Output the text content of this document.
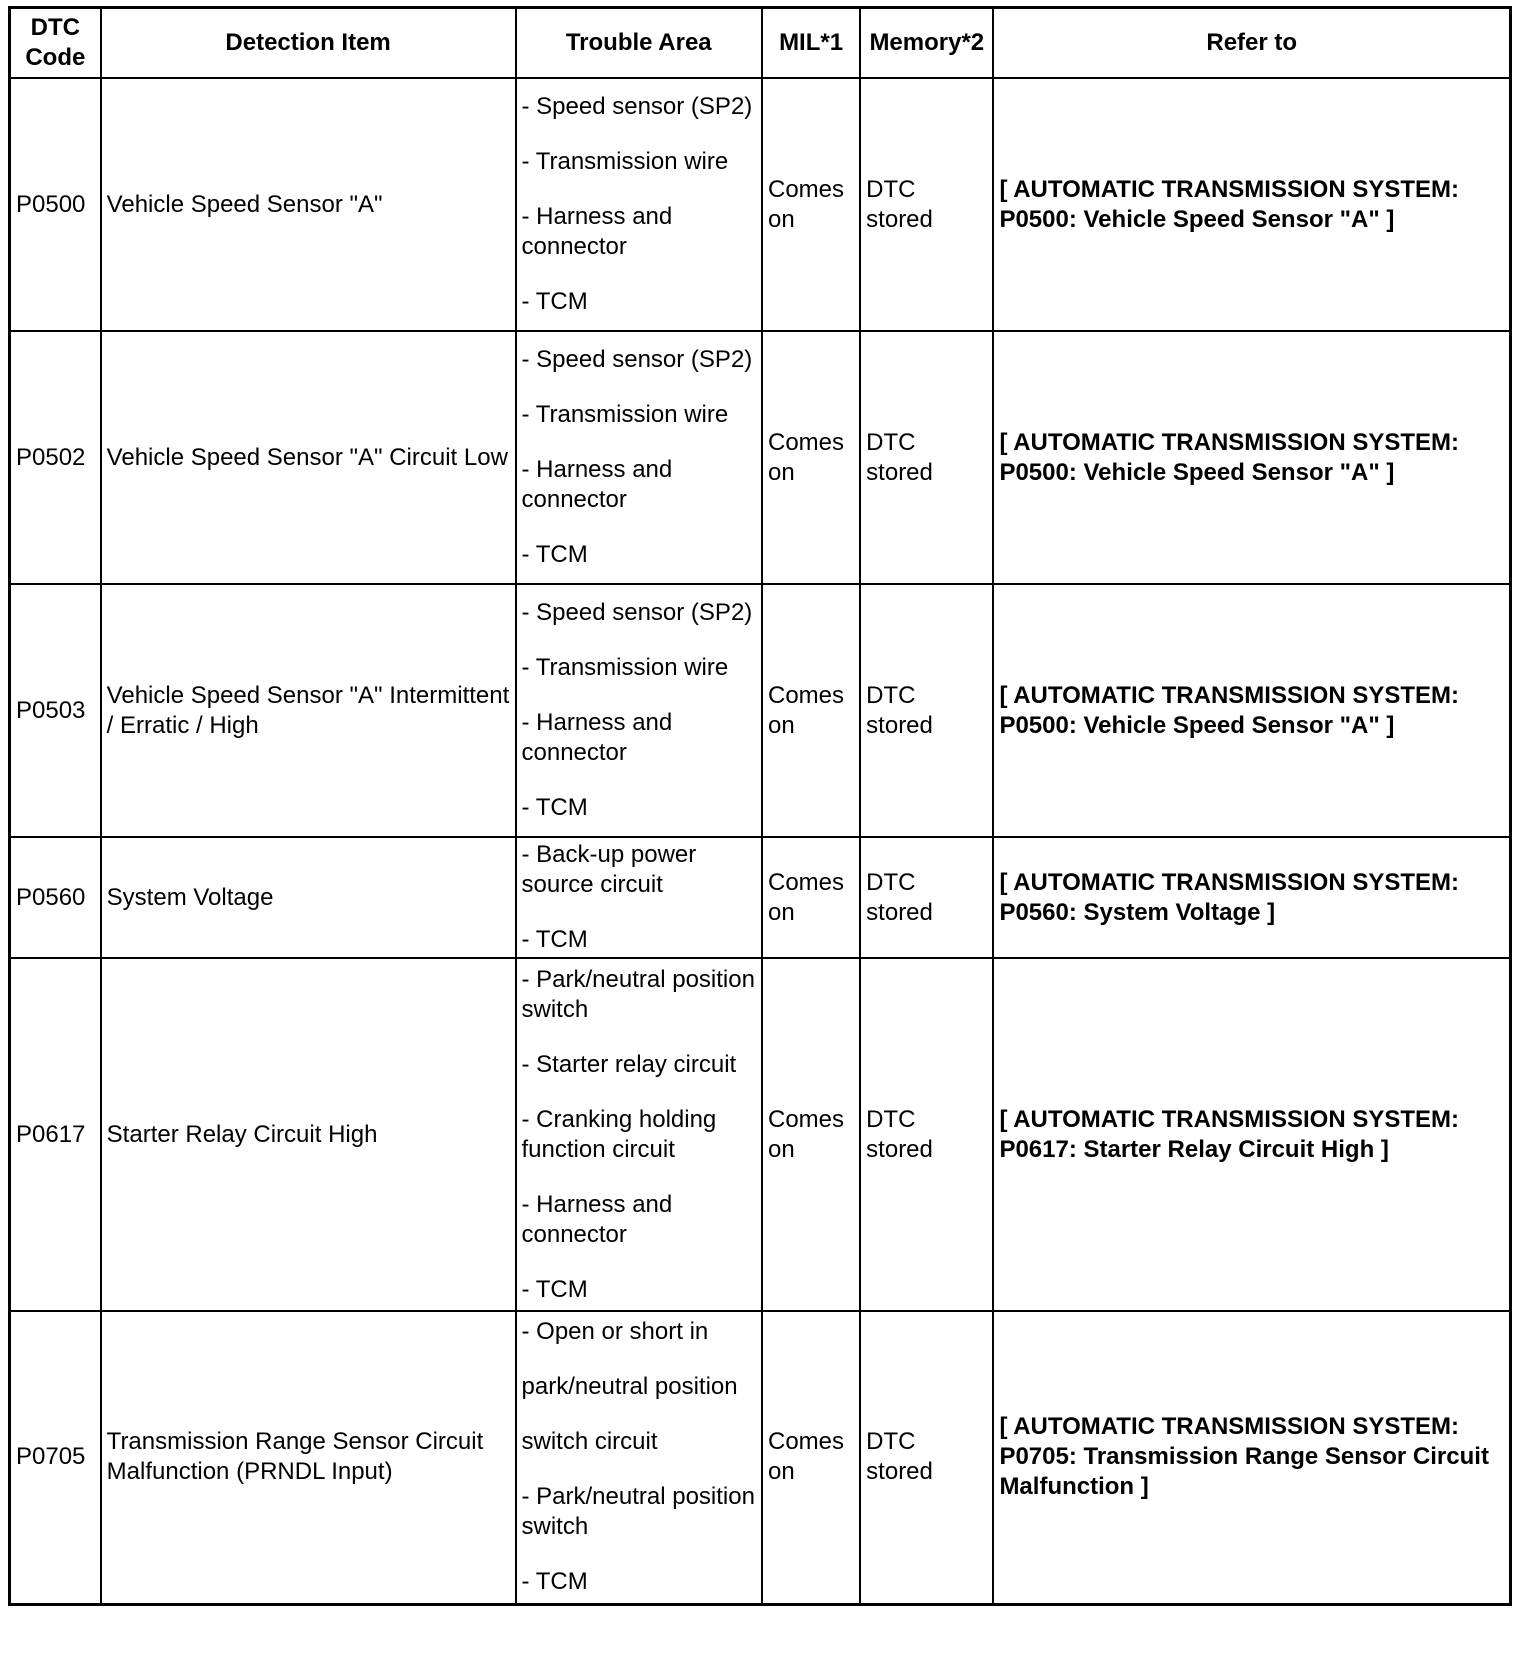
DTC
Code	Detection Item	Trouble Area	MIL*1	Memory*2	Refer to
P0500	Vehicle Speed Sensor "A"	- Speed sensor (SP2)
- Transmission wire
- Harness and connector
- TCM	Comes on	DTC stored	[ AUTOMATIC TRANSMISSION SYSTEM: P0500: Vehicle Speed Sensor "A" ]
P0502	Vehicle Speed Sensor "A" Circuit Low	- Speed sensor (SP2)
- Transmission wire
- Harness and connector
- TCM	Comes on	DTC stored	[ AUTOMATIC TRANSMISSION SYSTEM: P0500: Vehicle Speed Sensor "A" ]
P0503	Vehicle Speed Sensor "A" Intermittent / Erratic / High	- Speed sensor (SP2)
- Transmission wire
- Harness and connector
- TCM	Comes on	DTC stored	[ AUTOMATIC TRANSMISSION SYSTEM: P0500: Vehicle Speed Sensor "A" ]
P0560	System Voltage	- Back-up power source circuit
- TCM	Comes on	DTC stored	[ AUTOMATIC TRANSMISSION SYSTEM: P0560: System Voltage ]
P0617	Starter Relay Circuit High	- Park/neutral position switch
- Starter relay circuit
- Cranking holding function circuit
- Harness and connector
- TCM	Comes on	DTC stored	[ AUTOMATIC TRANSMISSION SYSTEM: P0617: Starter Relay Circuit High ]
P0705	Transmission Range Sensor Circuit Malfunction (PRNDL Input)	- Open or short in
park/neutral position
switch circuit
- Park/neutral position switch
- TCM	Comes on	DTC stored	[ AUTOMATIC TRANSMISSION SYSTEM: P0705: Transmission Range Sensor Circuit Malfunction ]
